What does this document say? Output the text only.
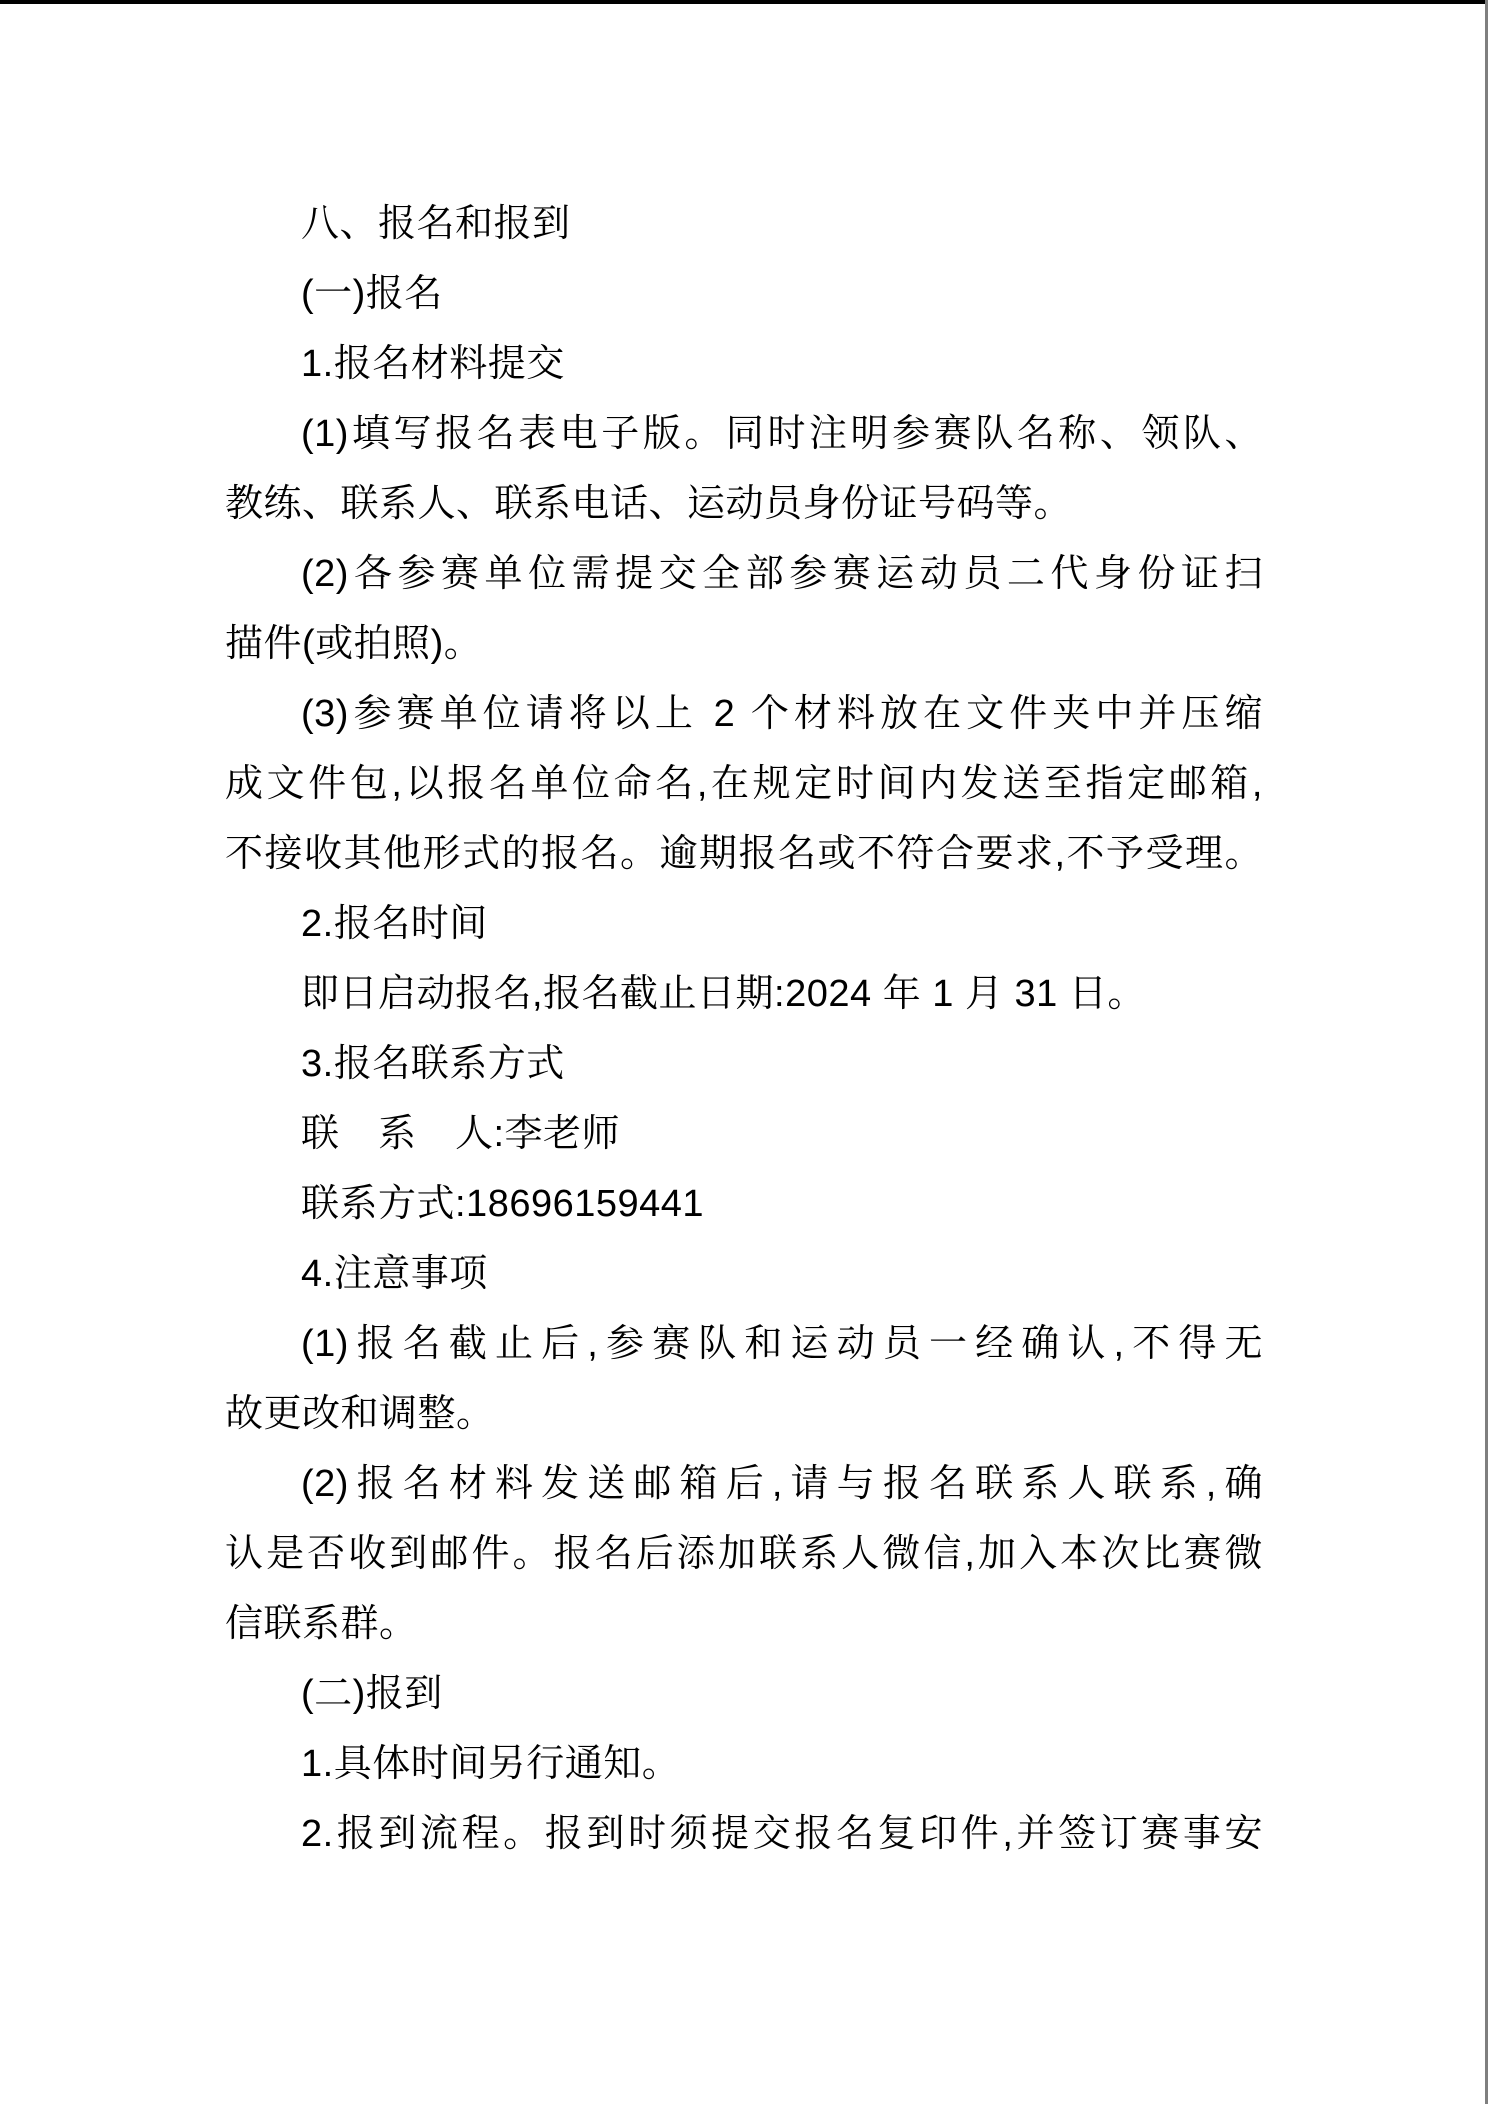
八、报名和报到
(一)报名
1.报名材料提交
(1)填写报名表电子版。同时注明参赛队名称、领队、
教练、联系人、联系电话、运动员身份证号码等。
(2)各参赛单位需提交全部参赛运动员二代身份证扫
描件(或拍照)。
(3)参赛单位请将以上 2 个材料放在文件夹中并压缩
成文件包,以报名单位命名,在规定时间内发送至指定邮箱,
不接收其他形式的报名。逾期报名或不符合要求,不予受理。
2.报名时间
即日启动报名,报名截止日期:2024 年 1 月 31 日。
3.报名联系方式
联　系　人:李老师
联系方式:18696159441
4.注意事项
(1)报名截止后,参赛队和运动员一经确认,不得无
故更改和调整。
(2)报名材料发送邮箱后,请与报名联系人联系,确
认是否收到邮件。报名后添加联系人微信,加入本次比赛微
信联系群。
(二)报到
1.具体时间另行通知。
2.报到流程。报到时须提交报名复印件,并签订赛事安
